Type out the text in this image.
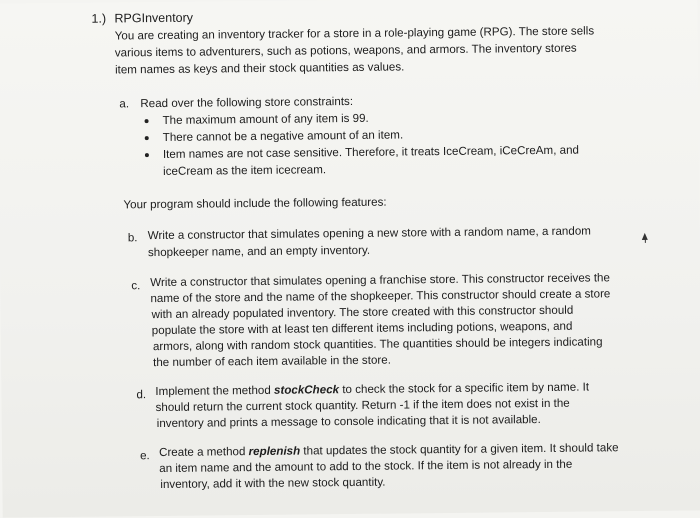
1.) RPGInventory
You are creating an inventory tracker for a store in a role-playing game (RPG). The store sells
various items to adventurers, such as potions, weapons, and armors. The inventory stores
item names as keys and their stock quantities as values.
a. Read over the following store constraints:
The maximum amount of any item is 99.
There cannot be a negative amount of an item.
Item names are not case sensitive. Therefore, it treats IceCream, iCeCreAm, and
iceCream as the item icecream.
Your program should include the following features:
b. Write a constructor that simulates opening a new store with a random name, a random
shopkeeper name, and an empty inventory.
c. Write a constructor that simulates opening a franchise store. This constructor receives the
name of the store and the name of the shopkeeper. This constructor should create a store
with an already populated inventory. The store created with this constructor should
populate the store with at least ten different items including potions, weapons, and
armors, along with random stock quantities. The quantities should be integers indicating
the number of each item available in the store.
d. Implement the method stockCheck to check the stock for a specific item by name. It
should return the current stock quantity. Return -1 if the item does not exist in the
inventory and prints a message to console indicating that it is not available.
e. Create a method replenish that updates the stock quantity for a given item. It should take
an item name and the amount to add to the stock. If the item is not already in the
inventory, add it with the new stock quantity.
